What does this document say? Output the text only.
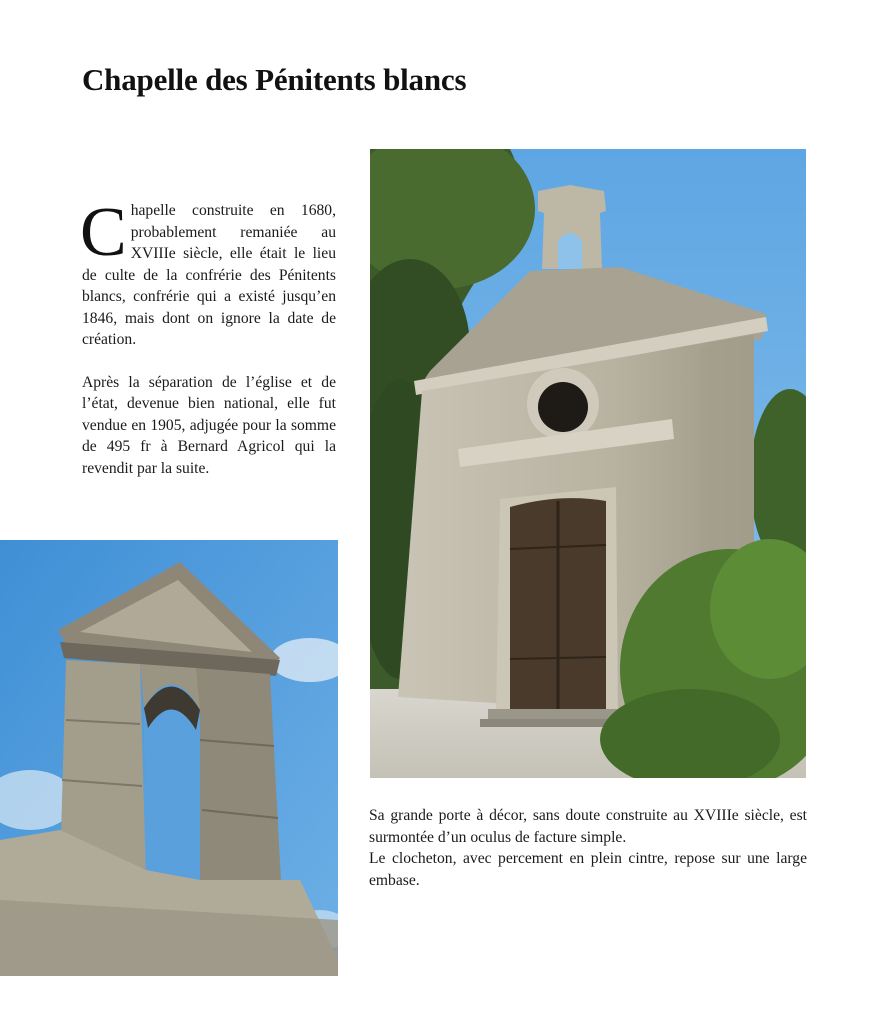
Chapelle des Pénitents blancs

Chapelle construite en 1680, probablement remaniée au XVIIIe siècle, elle était le lieu de culte de la confrérie des Pénitents blancs, confrérie qui a existé jusqu’en 1846, mais dont on ignore la date de création.

Après la séparation de l’église et de l’état, devenue bien national, elle fut vendue en 1905, adjugée pour la somme de 495 fr à Bernard Agricol qui la revendit par la suite.

Sa grande porte à décor, sans doute construite au XVIIIe siècle, est surmontée d’un oculus de facture simple.
Le clocheton, avec percement en plein cintre, repose sur une large embase.
